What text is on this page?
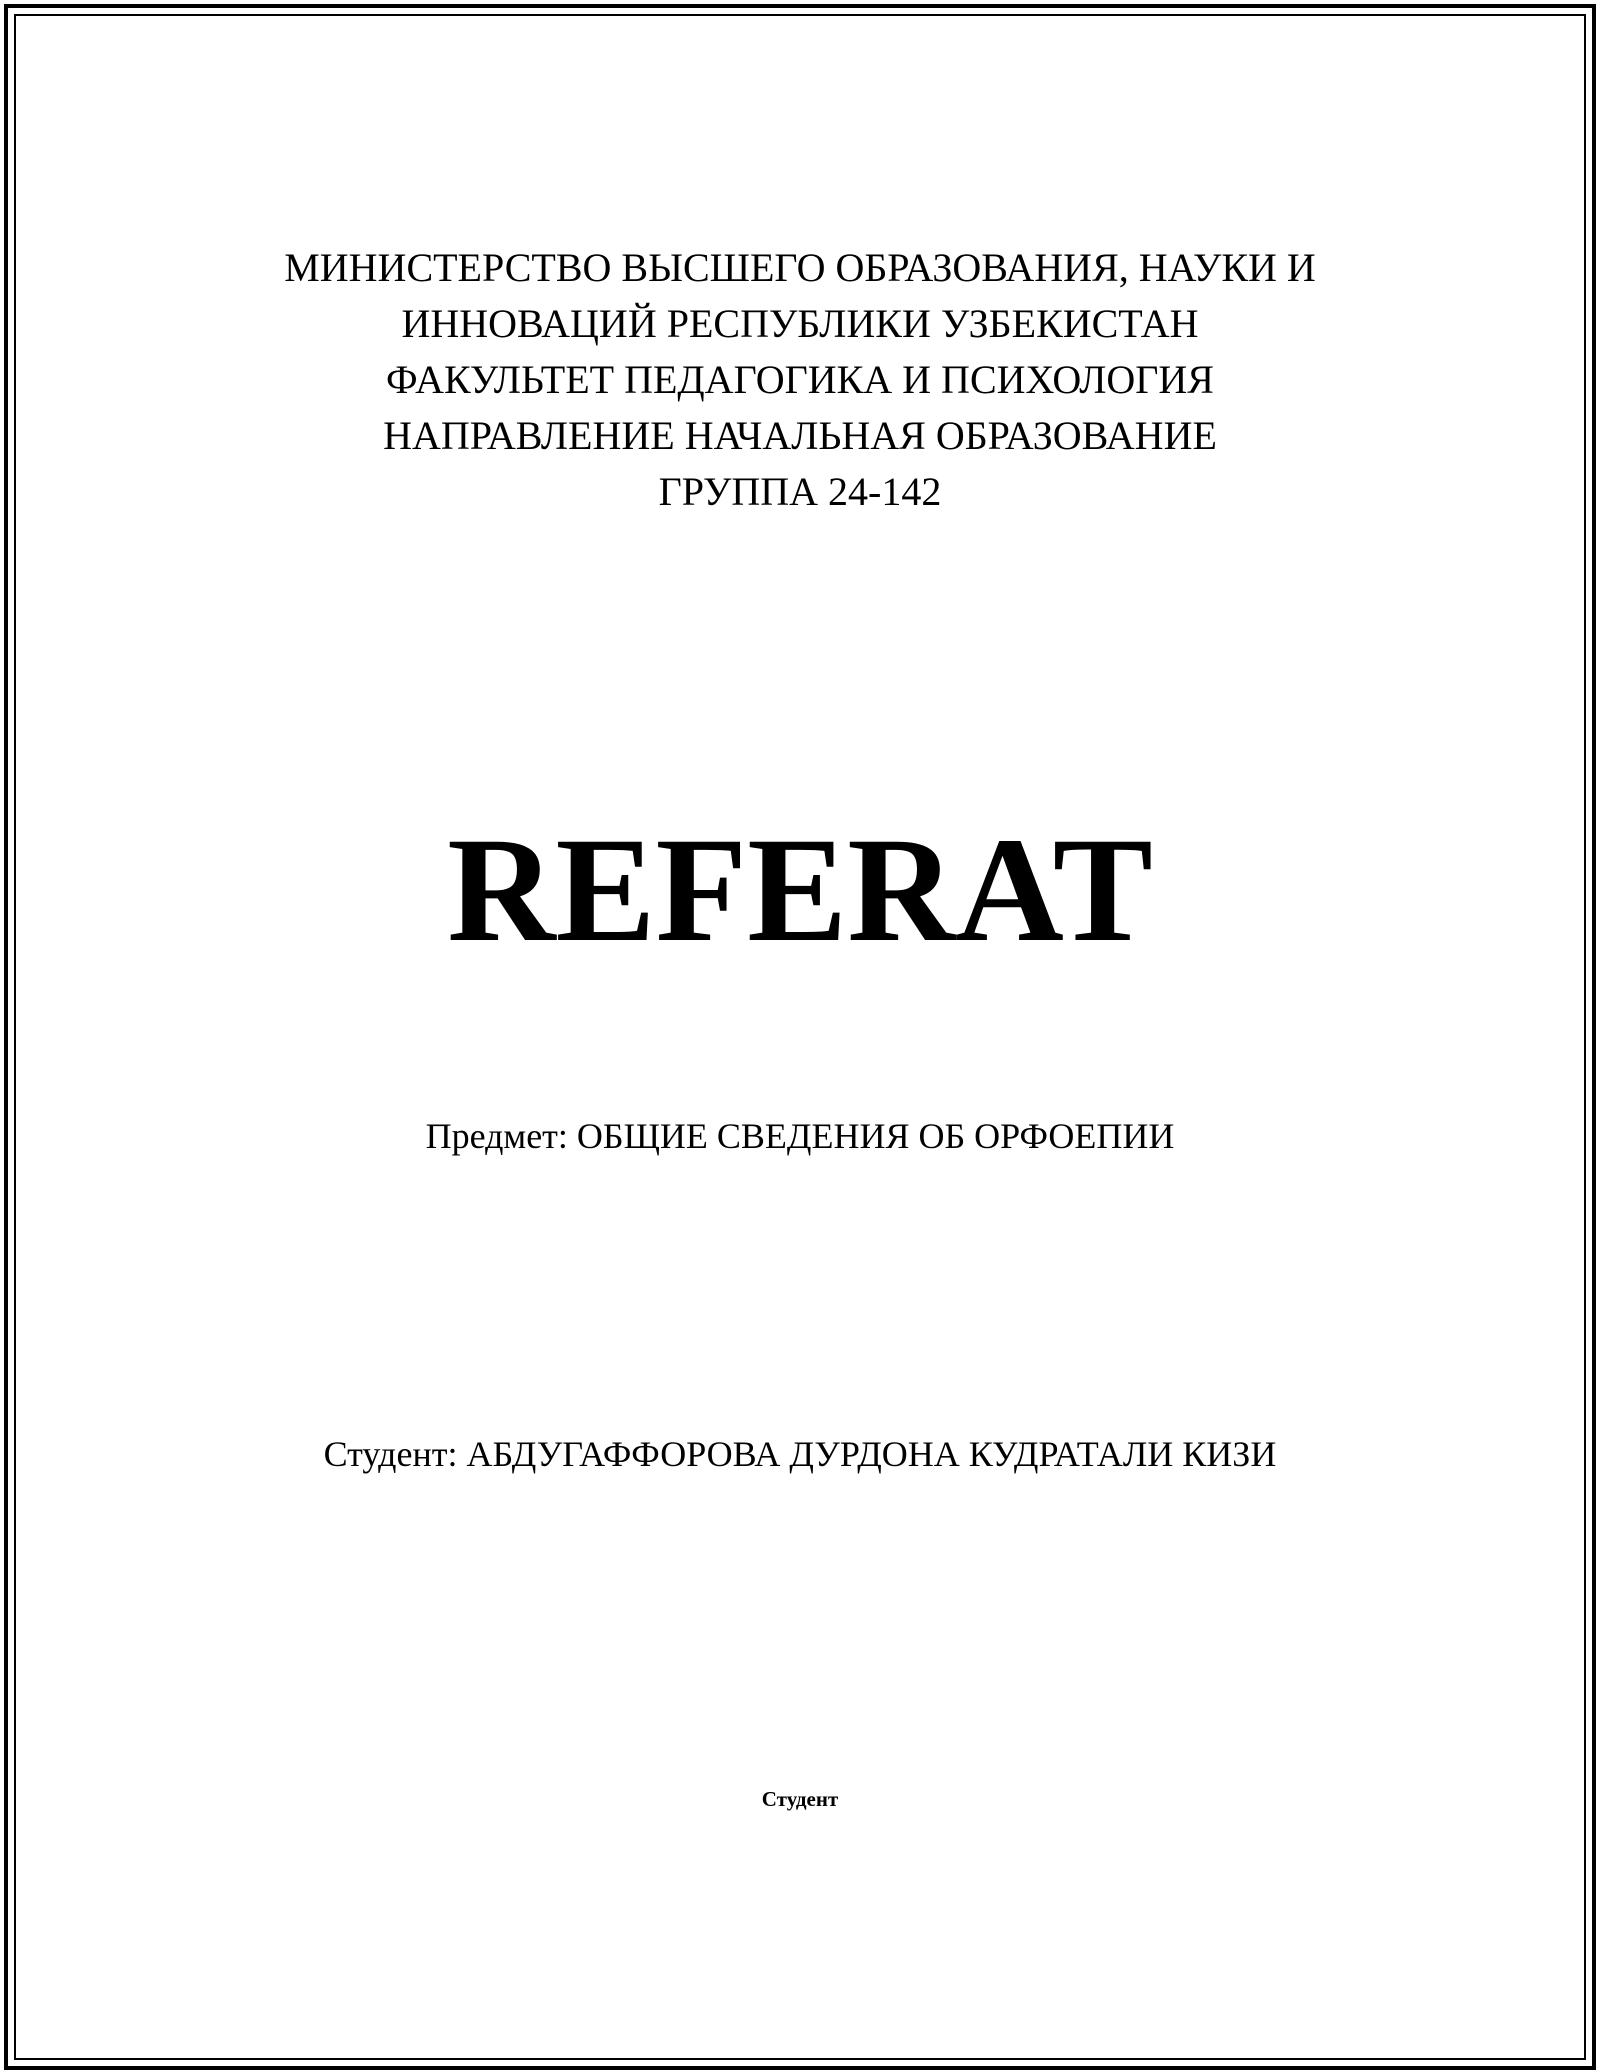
МИНИСТЕРСТВО ВЫСШЕГО ОБРАЗОВАНИЯ, НАУКИ И
ИННОВАЦИЙ РЕСПУБЛИКИ УЗБЕКИСТАН
ФАКУЛЬТЕТ ПЕДАГОГИКА И ПСИХОЛОГИЯ
НАПРАВЛЕНИЕ НАЧАЛЬНАЯ ОБРАЗОВАНИЕ
ГРУППА 24-142
REFERAT
Предмет: ОБЩИЕ СВЕДЕНИЯ ОБ ОРФОЕПИИ
Студент: АБДУГАФФОРОВА ДУРДОНА КУДРАТАЛИ КИЗИ
Студент
